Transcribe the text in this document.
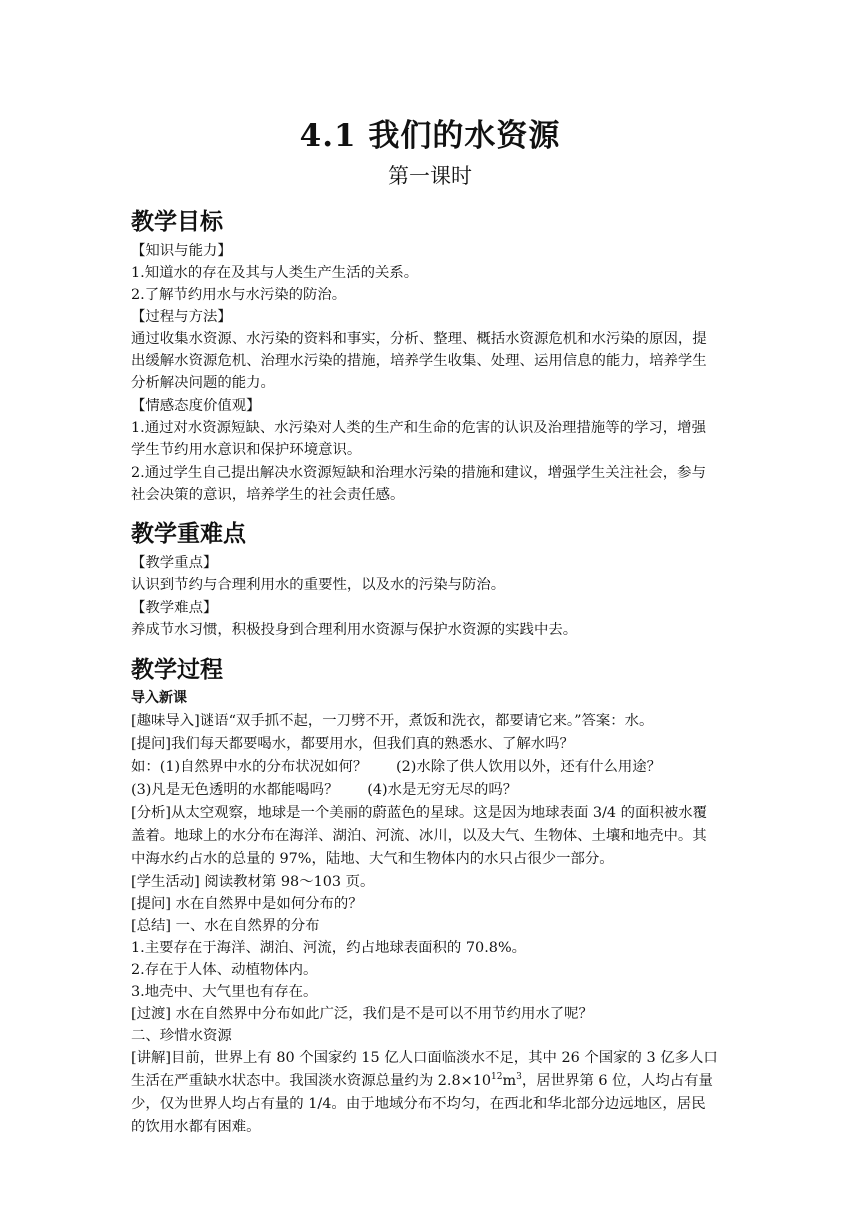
4.1 我们的水资源
第一课时
教学目标
【知识与能力】
1.知道水的存在及其与人类生产生活的关系。
2.了解节约用水与水污染的防治。
【过程与方法】
通过收集水资源、水污染的资料和事实，分析、整理、概括水资源危机和水污染的原因，提
出缓解水资源危机、治理水污染的措施，培养学生收集、处理、运用信息的能力，培养学生
分析解决问题的能力。
【情感态度价值观】
1.通过对水资源短缺、水污染对人类的生产和生命的危害的认识及治理措施等的学习，增强
学生节约用水意识和保护环境意识。
2.通过学生自己提出解决水资源短缺和治理水污染的措施和建议，增强学生关注社会，参与
社会决策的意识，培养学生的社会责任感。
教学重难点
【教学重点】
认识到节约与合理利用水的重要性，以及水的污染与防治。
【教学难点】
养成节水习惯，积极投身到合理利用水资源与保护水资源的实践中去。
教学过程
导入新课
[趣味导入]谜语“双手抓不起，一刀劈不开，煮饭和洗衣，都要请它来。”答案：水。
[提问]我们每天都要喝水，都要用水，但我们真的熟悉水、了解水吗？
如：(1)自然界中水的分布状况如何？　　(2)水除了供人饮用以外，还有什么用途？
(3)凡是无色透明的水都能喝吗？　　(4)水是无穷无尽的吗？
[分析]从太空观察，地球是一个美丽的蔚蓝色的星球。这是因为地球表面 3/4 的面积被水覆
盖着。地球上的水分布在海洋、湖泊、河流、冰川，以及大气、生物体、土壤和地壳中。其
中海水约占水的总量的 97%，陆地、大气和生物体内的水只占很少一部分。
[学生活动] 阅读教材第 98～103 页。
[提问] 水在自然界中是如何分布的？
[总结] 一、水在自然界的分布
1.主要存在于海洋、湖泊、河流，约占地球表面积的 70.8%。
2.存在于人体、动植物体内。
3.地壳中、大气里也有存在。
[过渡] 水在自然界中分布如此广泛，我们是不是可以不用节约用水了呢？
二、珍惜水资源
[讲解]目前，世界上有 80 个国家约 15 亿人口面临淡水不足，其中 26 个国家的 3 亿多人口
生活在严重缺水状态中。我国淡水资源总量约为 $2.8\times 10^{12}m^3$，居世界第 6 位，人均占有量
少，仅为世界人均占有量的 1/4。由于地域分布不均匀，在西北和华北部分边远地区，居民
的饮用水都有困难。
